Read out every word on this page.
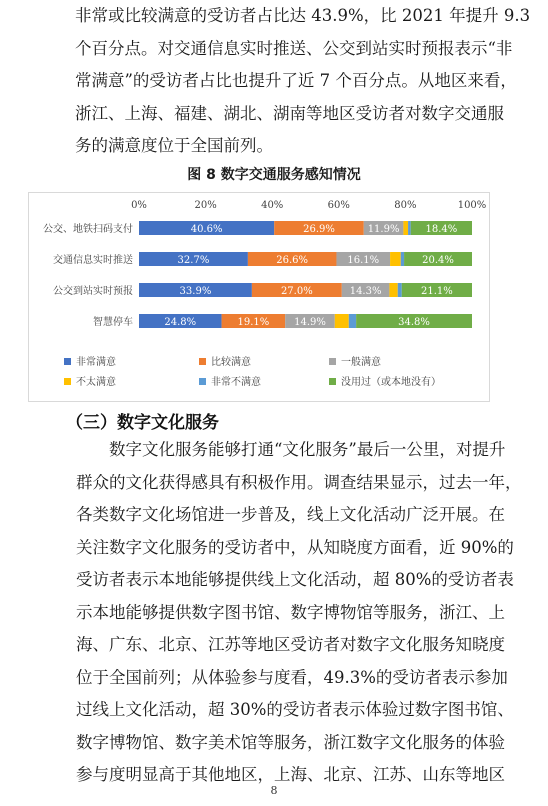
非常或比较满意的受访者占比达 43.9%，比 2021 年提升 9.3
个百分点。对交通信息实时推送、公交到站实时预报表示“非
常满意”的受访者占比也提升了近 7 个百分点。从地区来看，
浙江、上海、福建、湖北、湖南等地区受访者对数字交通服
务的满意度位于全国前列。
图 8 数字交通服务感知情况
0%	20%	40%	60%	80%	100%
公交、地铁扫码支付	40.6%	26.9%	11.9%	18.4%
交通信息实时推送	32.7%	26.6%	16.1%	20.4%
公交到站实时预报	33.9%	27.0%	14.3%	21.1%
智慧停车	24.8%	19.1% 14.9%	34.8%
非常满意	比较满意	一般满意
不太满意	非常不满意	没用过（或本地没有）
（三）数字文化服务
数字文化服务能够打通“文化服务”最后一公里，对提升
群众的文化获得感具有积极作用。调查结果显示，过去一年，
各类数字文化场馆进一步普及，线上文化活动广泛开展。在
关注数字文化服务的受访者中，从知晓度方面看，近 90%的
受访者表示本地能够提供线上文化活动，超 80%的受访者表
示本地能够提供数字图书馆、数字博物馆等服务，浙江、上
海、广东、北京、江苏等地区受访者对数字文化服务知晓度
位于全国前列；从体验参与度看，49.3%的受访者表示参加
过线上文化活动，超 30%的受访者表示体验过数字图书馆、
数字博物馆、数字美术馆等服务，浙江数字文化服务的体验
参与度明显高于其他地区，上海、北京、江苏、山东等地区
8
